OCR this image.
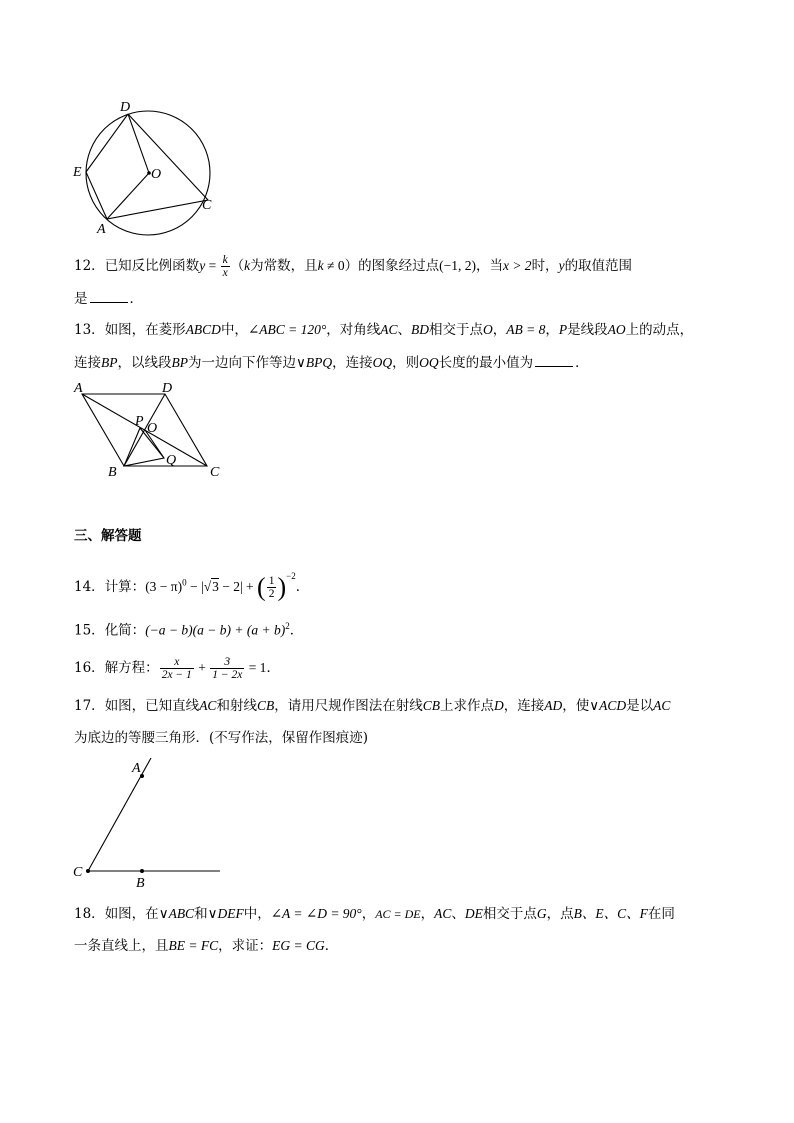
D
E	O
C
A
12．已知反比例函数$y = \frac{k}{x} (k$为常数，且k ≠ 0）的图象经过点(−1, 2)，当x > 2时，y的取值范围
是	．
13．如图，在菱形ABCD中，∠ABC = 120°，对角线AC、BD相交于点O，AB = 8，P是线段AO上的动点，
连接BP，以线段BP为一边向下作等边∨BPQ，连接OQ，则OQ长度的最小值为	．
A	D
P O
Q
B	C
三、解答题
14．计算：$(3 - \pi)^0 - |√3 - 2|$ + ( $\frac{1}{2} )^{-2}$．
15．化简：$(-a - b)(a - b) + (a + b)^2$．
16．解方程： $\frac{x}{2x - 1} + \frac{3}{1 - 2x} = 1$．
17．如图，已知直线AC和射线CB，请用尺规作图法在射线CB上求作点D，连接AD，使∨ACD是以AC
为底边的等腰三角形．(不写作法，保留作图痕迹)
A
C
B
18．如图，在∨ABC和∨DEF中，∠A = ∠D = 90°，AC = DE，AC、DE相交于点G，点B、E、C、F在同
一条直线上，且BE = FC，求证：EG = CG．
